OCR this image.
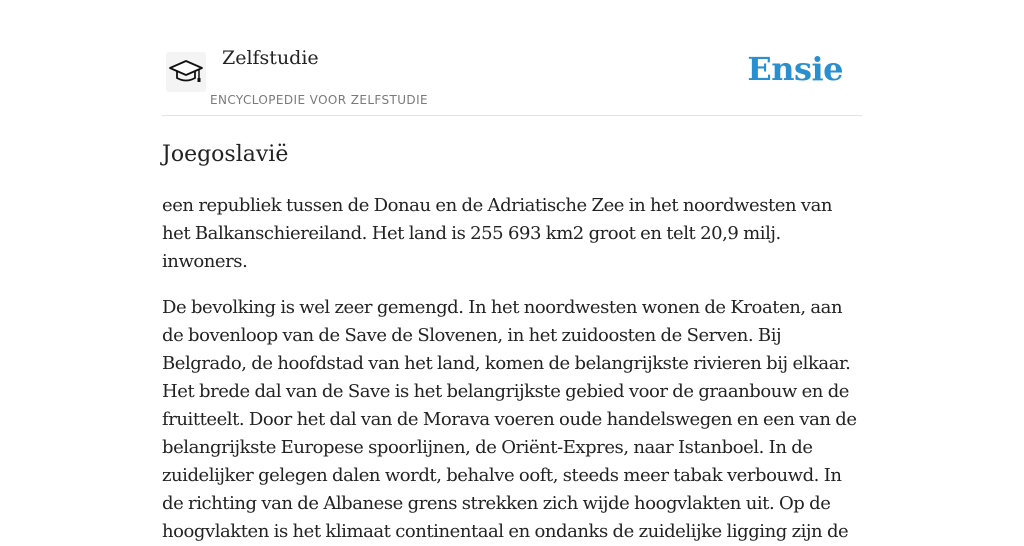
Zelfstudie
ENCYCLOPEDIE VOOR ZELFSTUDIE
Ensie
Joegoslavië

een republiek tussen de Donau en de Adriatische Zee in het noordwesten van het Balkanschiereiland. Het land is 255 693 km2 groot en telt 20,9 milj. inwoners.

De bevolking is wel zeer gemengd. In het noordwesten wonen de Kroaten, aan de bovenloop van de Save de Slovenen, in het zuidoosten de Serven. Bij Belgrado, de hoofdstad van het land, komen de belangrijkste rivieren bij elkaar. Het brede dal van de Save is het belangrijkste gebied voor de graanbouw en de fruitteelt. Door het dal van de Morava voeren oude handelswegen en een van de belangrijkste Europese spoorlijnen, de Oriënt-Expres, naar Istanboel. In de zuidelijker gelegen dalen wordt, behalve ooft, steeds meer tabak verbouwd. In de richting van de Albanese grens strekken zich wijde hoogvlakten uit. Op de hoogvlakten is het klimaat continentaal en ondanks de zuidelijke ligging zijn de
